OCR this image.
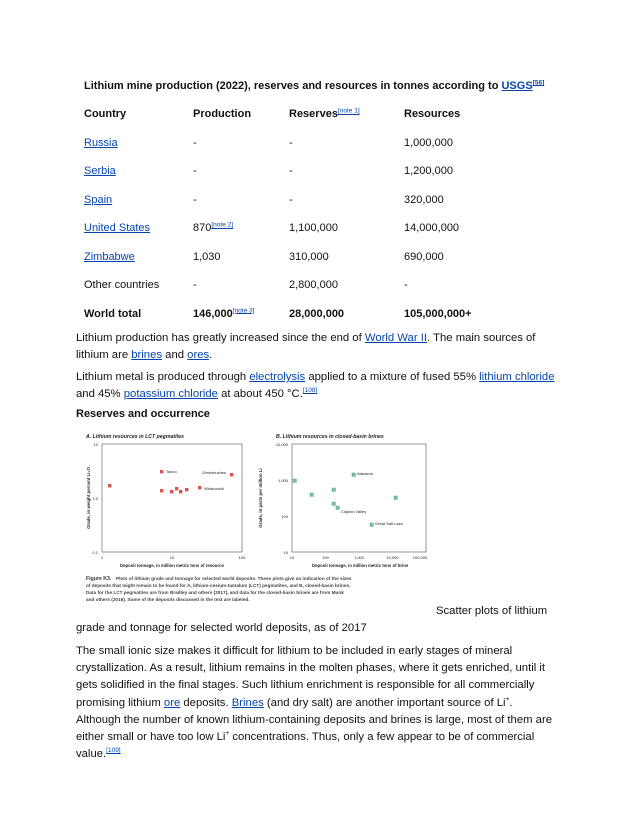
Lithium mine production (2022), reserves and resources in tonnes according to USGS[56]
Country	Production	Reserves[note 1]	Resources
Russia	-	-	1,000,000
Serbia	-	-	1,200,000
Spain	-	-	320,000
United States	870[note 2]	1,100,000	14,000,000
Zimbabwe	1,030	310,000	690,000
Other countries	-	2,800,000	-
World total	146,000[note 3]	28,000,000	105,000,000+
Lithium production has greatly increased since the end of World War II. The main sources of lithium are brines and ores.
Lithium metal is produced through electrolysis applied to a mixture of fused 55% lithium chloride and 45% potassium chloride at about 450 °C.[108]
Reserves and occurrence
A. Lithium resources in LCT pegmatites
Grade, in weight percent Li₂O
10
1.0
0.1
1	10	100
Deposit tonnage, in million metric tons of resource
Tanco	Greenbushes
Whabouchi
B. Lithium resources in closed-basin brines
Grade, in parts per million Li
10,000
1,000
100
10
10	100	1,000	10,000	100,000
Deposit tonnage, in million metric tons of brine
Atacama
Clayton Valley
Great Salt Lake
Figure K3. Plots of lithium grade and tonnage for selected world deposits. These plots give an indication of the sizes
of deposits that might remain to be found for A, lithium-cesium-tantalum (LCT) pegmatites, and B, closed-basin brines.
Data for the LCT pegmatites are from Bradley and others (2017), and data for the closed-basin brines are from Munk
and others (2016). Some of the deposits discussed in the text are labeled.
Scatter plots of lithium
grade and tonnage for selected world deposits, as of 2017
The small ionic size makes it difficult for lithium to be included in early stages of mineral crystallization. As a result, lithium remains in the molten phases, where it gets enriched, until it gets solidified in the final stages. Such lithium enrichment is responsible for all commercially promising lithium ore deposits. Brines (and dry salt) are another important source of Li+. Although the number of known lithium-containing deposits and brines is large, most of them are either small or have too low Li+ concentrations. Thus, only a few appear to be of commercial value.[109]
